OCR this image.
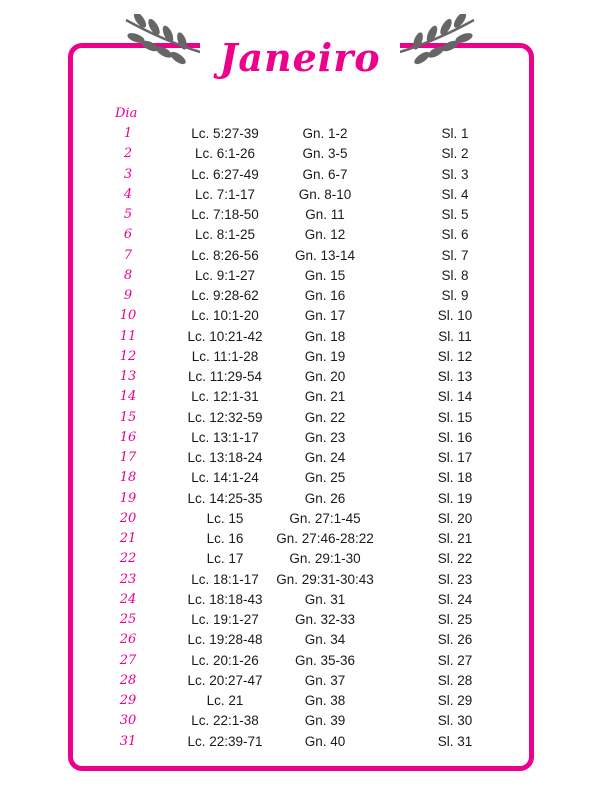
Janeiro
Dia
1	Lc. 5:27-39	Gn. 1-2	Sl. 1
2	Lc. 6:1-26	Gn. 3-5	Sl. 2
3	Lc. 6:27-49	Gn. 6-7	Sl. 3
4	Lc. 7:1-17	Gn. 8-10	Sl. 4
5	Lc. 7:18-50	Gn. 11	Sl. 5
6	Lc. 8:1-25	Gn. 12	Sl. 6
7	Lc. 8:26-56	Gn. 13-14	Sl. 7
8	Lc. 9:1-27	Gn. 15	Sl. 8
9	Lc. 9:28-62	Gn. 16	Sl. 9
10	Lc. 10:1-20	Gn. 17	Sl. 10
11	Lc. 10:21-42	Gn. 18	Sl. 11
12	Lc. 11:1-28	Gn. 19	Sl. 12
13	Lc. 11:29-54	Gn. 20	Sl. 13
14	Lc. 12:1-31	Gn. 21	Sl. 14
15	Lc. 12:32-59	Gn. 22	Sl. 15
16	Lc. 13:1-17	Gn. 23	Sl. 16
17	Lc. 13:18-24	Gn. 24	Sl. 17
18	Lc. 14:1-24	Gn. 25	Sl. 18
19	Lc. 14:25-35	Gn. 26	Sl. 19
20	Lc. 15	Gn. 27:1-45	Sl. 20
21	Lc. 16	Gn. 27:46-28:22	Sl. 21
22	Lc. 17	Gn. 29:1-30	Sl. 22
23	Lc. 18:1-17	Gn. 29:31-30:43	Sl. 23
24	Lc. 18:18-43	Gn. 31	Sl. 24
25	Lc. 19:1-27	Gn. 32-33	Sl. 25
26	Lc. 19:28-48	Gn. 34	Sl. 26
27	Lc. 20:1-26	Gn. 35-36	Sl. 27
28	Lc. 20:27-47	Gn. 37	Sl. 28
29	Lc. 21	Gn. 38	Sl. 29
30	Lc. 22:1-38	Gn. 39	Sl. 30
31	Lc. 22:39-71	Gn. 40	Sl. 31
